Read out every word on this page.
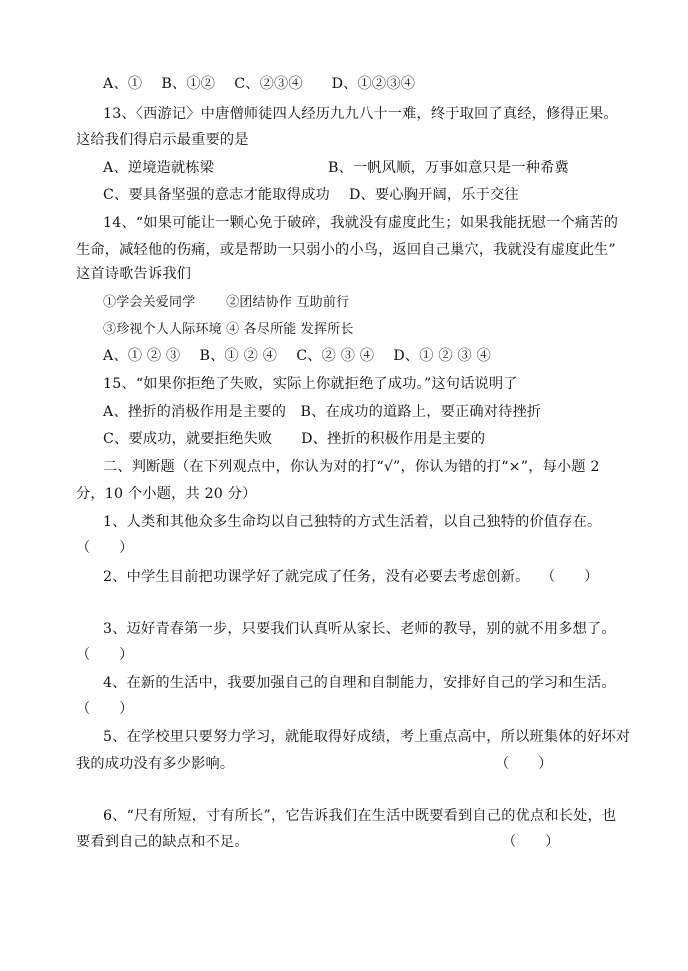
A、①　 B、①②　 C、②③④　　D、①②③④
13、〈西游记〉中唐僧师徒四人经历九九八十一难，终于取回了真经，修得正果。
这给我们得启示最重要的是
A、逆境造就栋梁	B、一帆风顺，万事如意只是一种希冀
C、要具备坚强的意志才能取得成功　 D、要心胸开阔，乐于交往
14、“如果可能让一颗心免于破碎，我就没有虚度此生；如果我能抚慰一个痛苦的
生命，减轻他的伤痛，或是帮助一只弱小的小鸟，返回自己巢穴，我就没有虚度此生”
这首诗歌告诉我们
①学会关爱同学　　 ②团结协作 互助前行
③珍视个人人际环境 ④ 各尽所能 发挥所长
A、① ② ③　 B、① ② ④　 C、② ③ ④　 D、① ② ③ ④
15、“如果你拒绝了失败，实际上你就拒绝了成功。”这句话说明了
A、挫折的消极作用是主要的　B、在成功的道路上，要正确对待挫折
C、要成功，就要拒绝失败　　D、挫折的积极作用是主要的
二、判断题（在下列观点中，你认为对的打“√”，你认为错的打“×”，每小题 2
分，10 个小题，共 20 分）
1、人类和其他众多生命均以自己独特的方式生活着，以自己独特的价值存在。
（　　）
2、中学生目前把功课学好了就完成了任务，没有必要去考虑创新。 （　　）
3、迈好青春第一步，只要我们认真听从家长、老师的教导，别的就不用多想了。
（　　）
4、在新的生活中，我要加强自己的自理和自制能力，安排好自己的学习和生活。
（　　）
5、在学校里只要努力学习，就能取得好成绩，考上重点高中，所以班集体的好坏对
我的成功没有多少影响。	（　　）
6、“尺有所短，寸有所长”，它告诉我们在生活中既要看到自己的优点和长处，也
要看到自己的缺点和不足。	（　　）
